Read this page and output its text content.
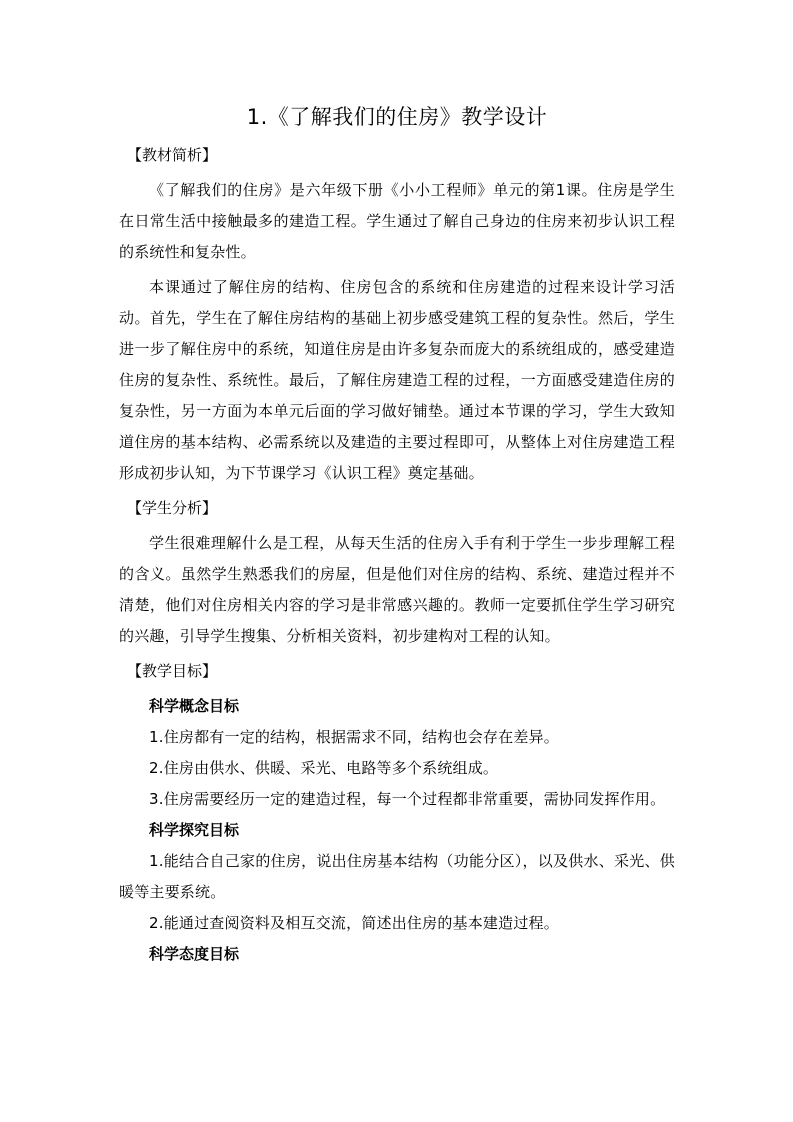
1.《了解我们的住房》教学设计

【教材简析】

《了解我们的住房》是六年级下册《小小工程师》单元的第1课。住房是学生在日常生活中接触最多的建造工程。学生通过了解自己身边的住房来初步认识工程的系统性和复杂性。

本课通过了解住房的结构、住房包含的系统和住房建造的过程来设计学习活动。首先，学生在了解住房结构的基础上初步感受建筑工程的复杂性。然后，学生进一步了解住房中的系统，知道住房是由许多复杂而庞大的系统组成的，感受建造住房的复杂性、系统性。最后，了解住房建造工程的过程，一方面感受建造住房的复杂性，另一方面为本单元后面的学习做好铺垫。通过本节课的学习，学生大致知道住房的基本结构、必需系统以及建造的主要过程即可，从整体上对住房建造工程形成初步认知，为下节课学习《认识工程》奠定基础。

【学生分析】

学生很难理解什么是工程，从每天生活的住房入手有利于学生一步步理解工程的含义。虽然学生熟悉我们的房屋，但是他们对住房的结构、系统、建造过程并不清楚，他们对住房相关内容的学习是非常感兴趣的。教师一定要抓住学生学习研究的兴趣，引导学生搜集、分析相关资料，初步建构对工程的认知。

【教学目标】

科学概念目标

1.住房都有一定的结构，根据需求不同，结构也会存在差异。

2.住房由供水、供暖、采光、电路等多个系统组成。

3.住房需要经历一定的建造过程，每一个过程都非常重要，需协同发挥作用。

科学探究目标

1.能结合自己家的住房，说出住房基本结构（功能分区），以及供水、采光、供暖等主要系统。

2.能通过查阅资料及相互交流，简述出住房的基本建造过程。

科学态度目标
